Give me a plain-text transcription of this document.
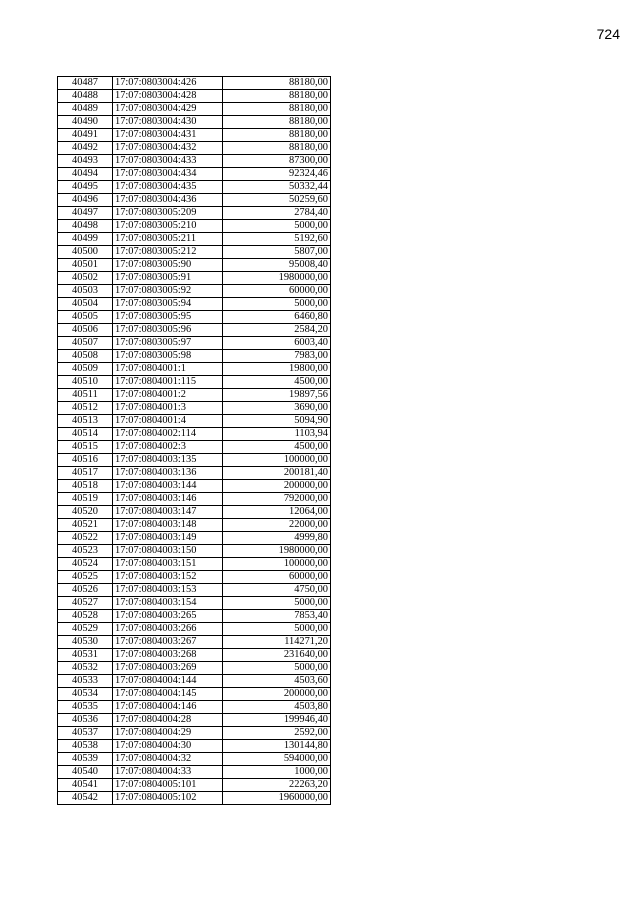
724
40487	17:07:0803004:426	88180,00
40488	17:07:0803004:428	88180,00
40489	17:07:0803004:429	88180,00
40490	17:07:0803004:430	88180,00
40491	17:07:0803004:431	88180,00
40492	17:07:0803004:432	88180,00
40493	17:07:0803004:433	87300,00
40494	17:07:0803004:434	92324,46
40495	17:07:0803004:435	50332,44
40496	17:07:0803004:436	50259,60
40497	17:07:0803005:209	2784,40
40498	17:07:0803005:210	5000,00
40499	17:07:0803005:211	5192,60
40500	17:07:0803005:212	5807,00
40501	17:07:0803005:90	95008,40
40502	17:07:0803005:91	1980000,00
40503	17:07:0803005:92	60000,00
40504	17:07:0803005:94	5000,00
40505	17:07:0803005:95	6460,80
40506	17:07:0803005:96	2584,20
40507	17:07:0803005:97	6003,40
40508	17:07:0803005:98	7983,00
40509	17:07:0804001:1	19800,00
40510	17:07:0804001:115	4500,00
40511	17:07:0804001:2	19897,56
40512	17:07:0804001:3	3690,00
40513	17:07:0804001:4	5094,90
40514	17:07:0804002:114	1103,94
40515	17:07:0804002:3	4500,00
40516	17:07:0804003:135	100000,00
40517	17:07:0804003:136	200181,40
40518	17:07:0804003:144	200000,00
40519	17:07:0804003:146	792000,00
40520	17:07:0804003:147	12064,00
40521	17:07:0804003:148	22000,00
40522	17:07:0804003:149	4999,80
40523	17:07:0804003:150	1980000,00
40524	17:07:0804003:151	100000,00
40525	17:07:0804003:152	60000,00
40526	17:07:0804003:153	4750,00
40527	17:07:0804003:154	5000,00
40528	17:07:0804003:265	7853,40
40529	17:07:0804003:266	5000,00
40530	17:07:0804003:267	114271,20
40531	17:07:0804003:268	231640,00
40532	17:07:0804003:269	5000,00
40533	17:07:0804004:144	4503,60
40534	17:07:0804004:145	200000,00
40535	17:07:0804004:146	4503,80
40536	17:07:0804004:28	199946,40
40537	17:07:0804004:29	2592,00
40538	17:07:0804004:30	130144,80
40539	17:07:0804004:32	594000,00
40540	17:07:0804004:33	1000,00
40541	17:07:0804005:101	22263,20
40542	17:07:0804005:102	1960000,00
